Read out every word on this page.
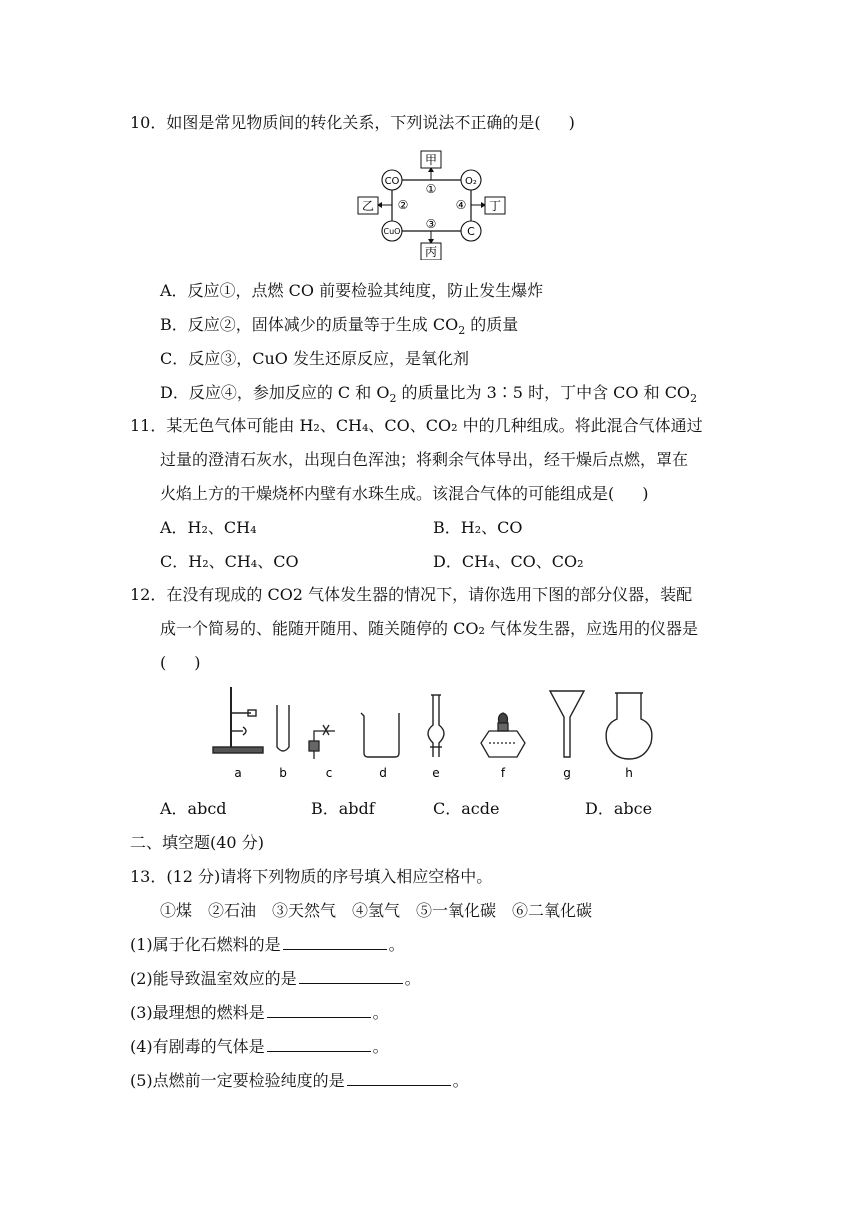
10．如图是常见物质间的转化关系，下列说法不正确的是( )
甲
丙
乙	丁
CO	O₂
CuO	C
①
②
③
④
A．反应①，点燃 CO 前要检验其纯度，防止发生爆炸
B．反应②，固体减少的质量等于生成 $CO_2$ 的质量
C．反应③，CuO 发生还原反应，是氧化剂
D．反应④，参加反应的 C 和 $O_2$ 的质量比为 3∶5 时，丁中含 CO 和 $CO_2$
11．某无色气体可能由 H₂、CH₄、CO、CO₂ 中的几种组成。将此混合气体通过
过量的澄清石灰水，出现白色浑浊；将剩余气体导出，经干燥后点燃，罩在
火焰上方的干燥烧杯内壁有水珠生成。该混合气体的可能组成是( )
A．H₂、CH₄	B．H₂、CO
C．H₂、CH₄、CO	D．CH₄、CO、CO₂
12．在没有现成的 CO2 气体发生器的情况下，请你选用下图的部分仪器，装配
成一个简易的、能随开随用、随关随停的 CO₂ 气体发生器，应选用的仪器是
( )
a	b	c	d	e	f	g	h
A．abcd	B．abdf	C．acde	D．abce
二、填空题(40 分)
13．(12 分)请将下列物质的序号填入相应空格中。
①煤　②石油　③天然气　④氢气　⑤一氧化碳　⑥二氧化碳
(1)属于化石燃料的是	。
(2)能导致温室效应的是	。
(3)最理想的燃料是	。
(4)有剧毒的气体是	。
(5)点燃前一定要检验纯度的是	。
